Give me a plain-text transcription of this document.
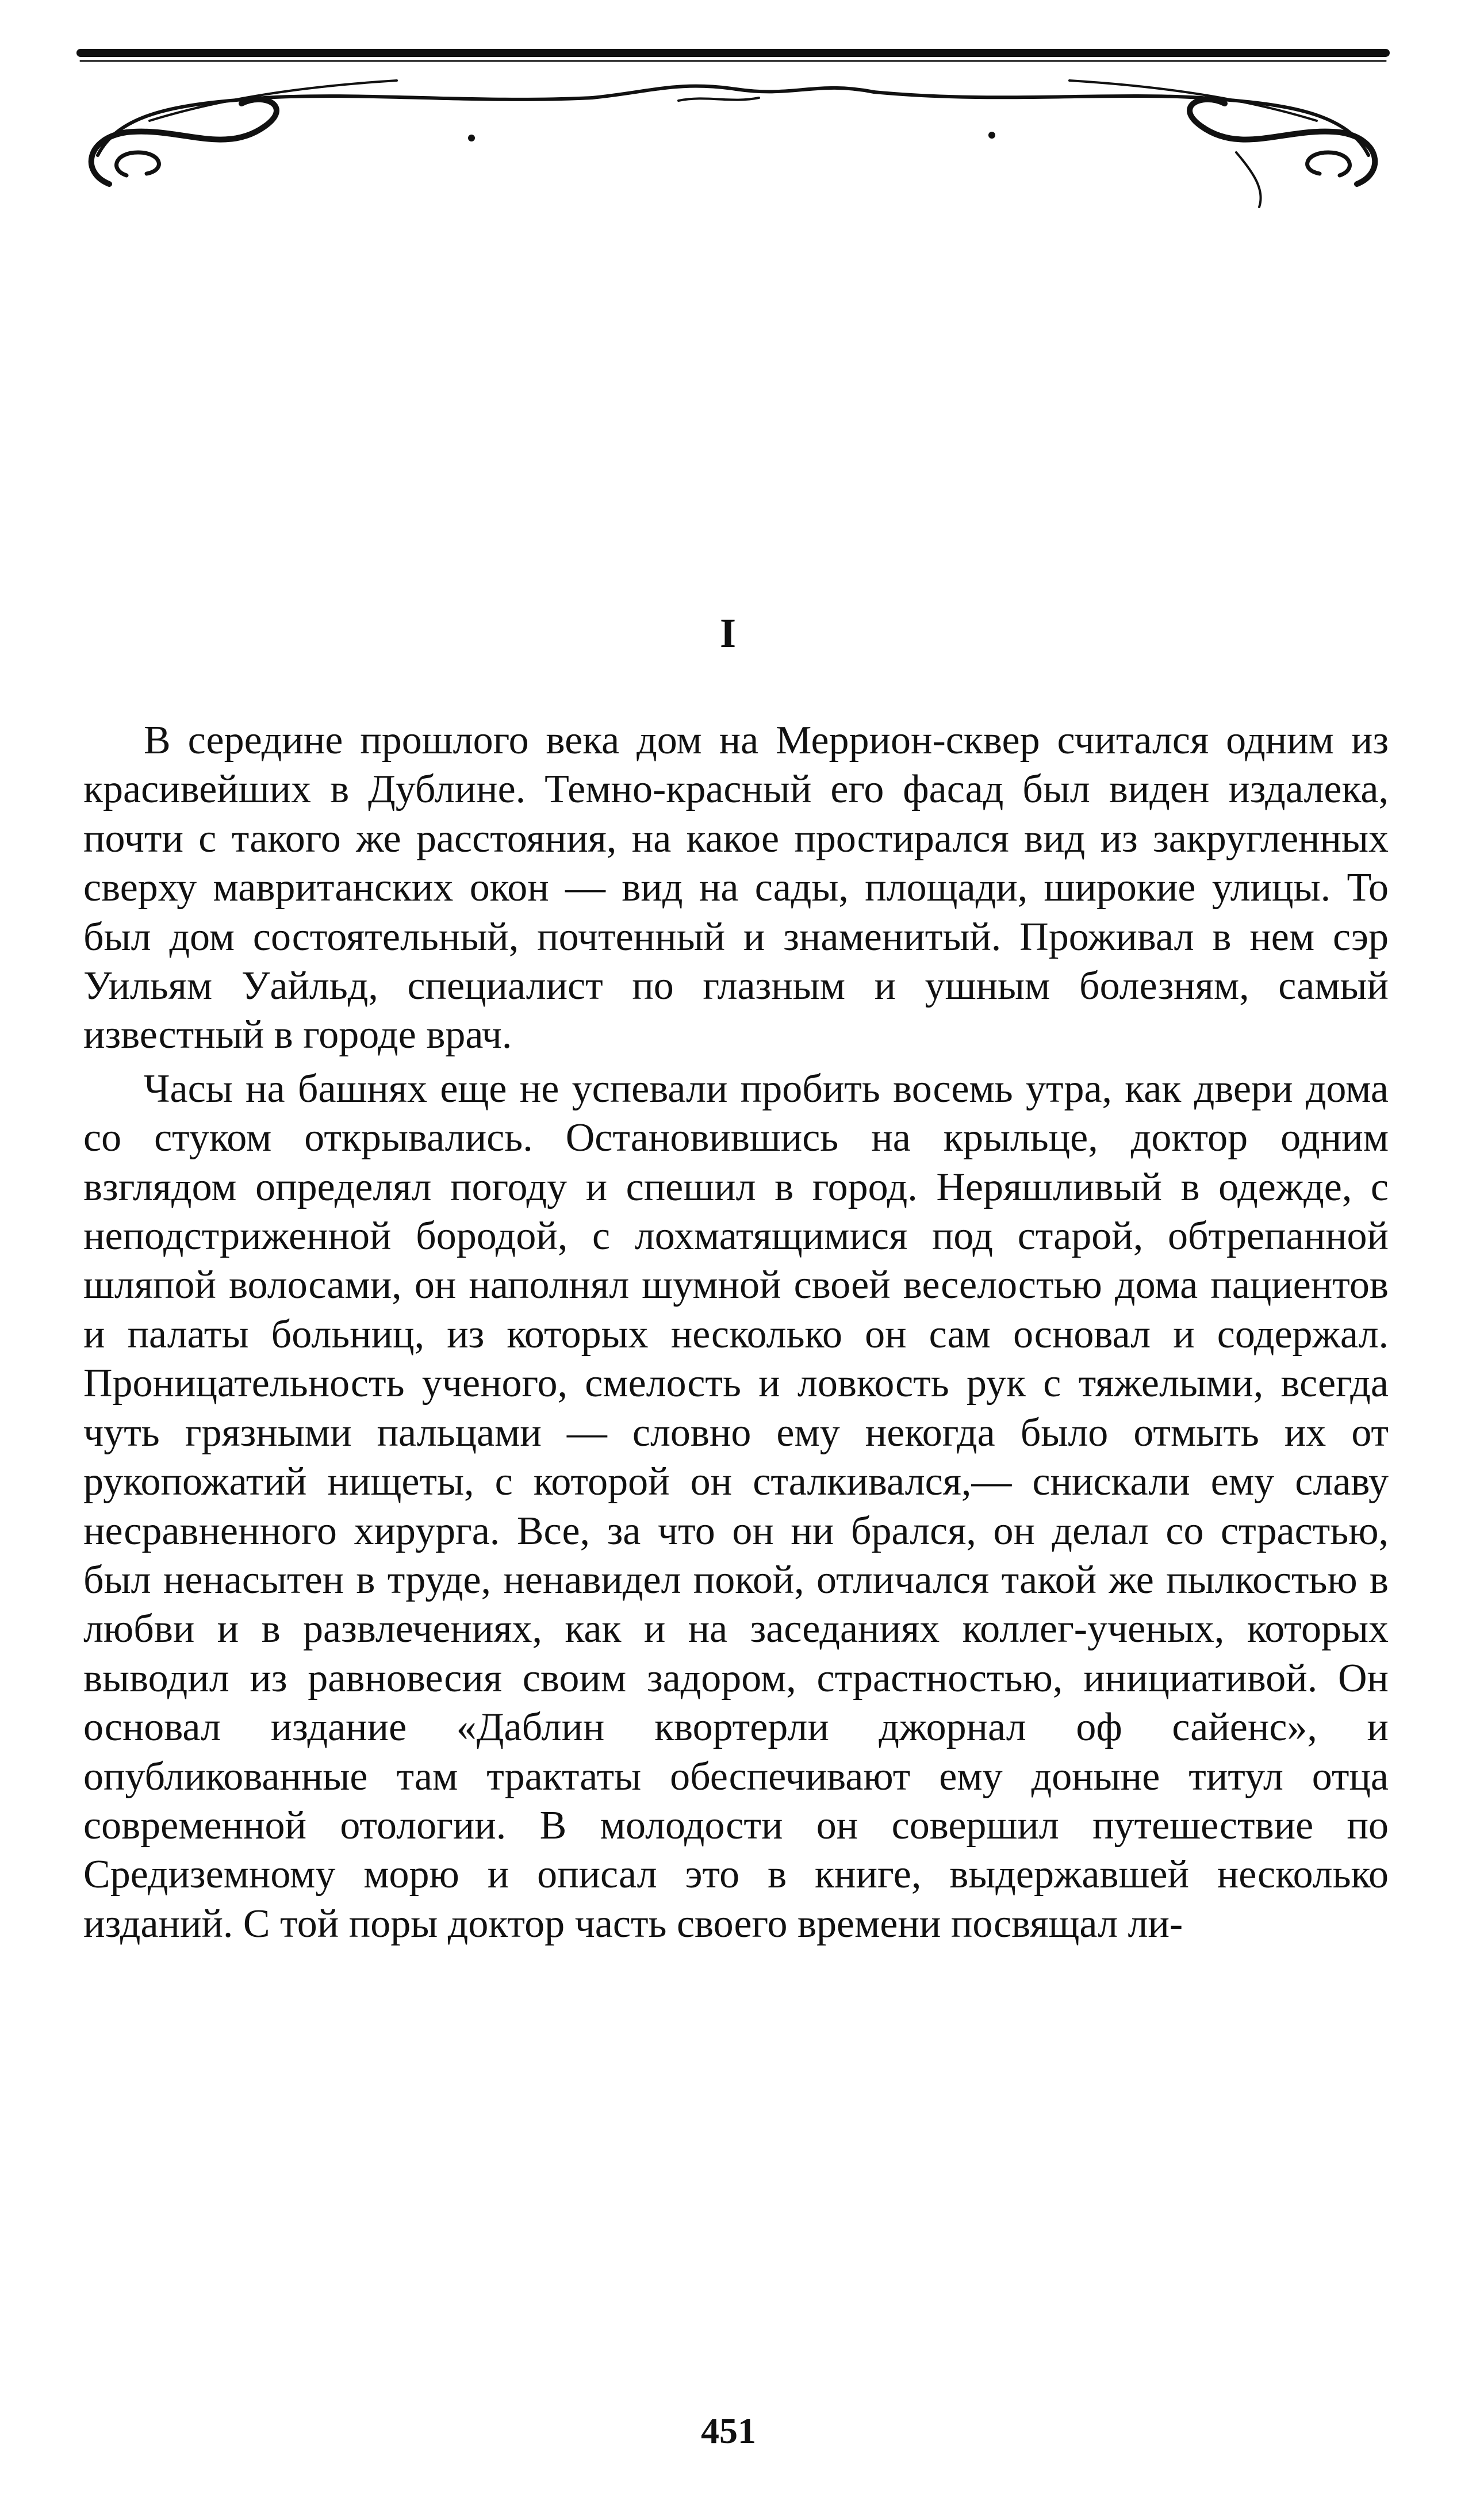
I

В середине прошлого века дом на Меррион-сквер считался одним из красивейших в Дублине. Темно-красный его фасад был виден издалека, почти с такого же расстояния, на какое простирался вид из закругленных сверху мавританских окон — вид на сады, площади, широкие улицы. То был дом состоятельный, почтенный и знаменитый. Проживал в нем сэр Уильям Уайльд, специалист по глазным и ушным болезням, самый известный в городе врач.

Часы на башнях еще не успевали пробить восемь утра, как двери дома со стуком открывались. Остановившись на крыльце, доктор одним взглядом определял погоду и спешил в город. Неряшливый в одежде, с неподстриженной бородой, с лохматящимися под старой, обтрепанной шляпой волосами, он наполнял шумной своей веселостью дома пациентов и палаты больниц, из которых несколько он сам основал и содержал. Проницательность ученого, смелость и ловкость рук с тяжелыми, всегда чуть грязными пальцами — словно ему некогда было отмыть их от рукопожатий нищеты, с которой он сталкивался,— снискали ему славу несравненного хирурга. Все, за что он ни брался, он делал со страстью, был ненасытен в труде, ненавидел покой, отличался такой же пылкостью в любви и в развлечениях, как и на заседаниях коллег-ученых, которых выводил из равновесия своим задором, страстностью, инициативой. Он основал издание «Даблин квортерли джорнал оф сайенс», и опубликованные там трактаты обеспечивают ему доныне титул отца современной отологии. В молодости он совершил путешествие по Средиземному морю и описал это в книге, выдержавшей несколько изданий. С той поры доктор часть своего времени посвящал ли-

451
